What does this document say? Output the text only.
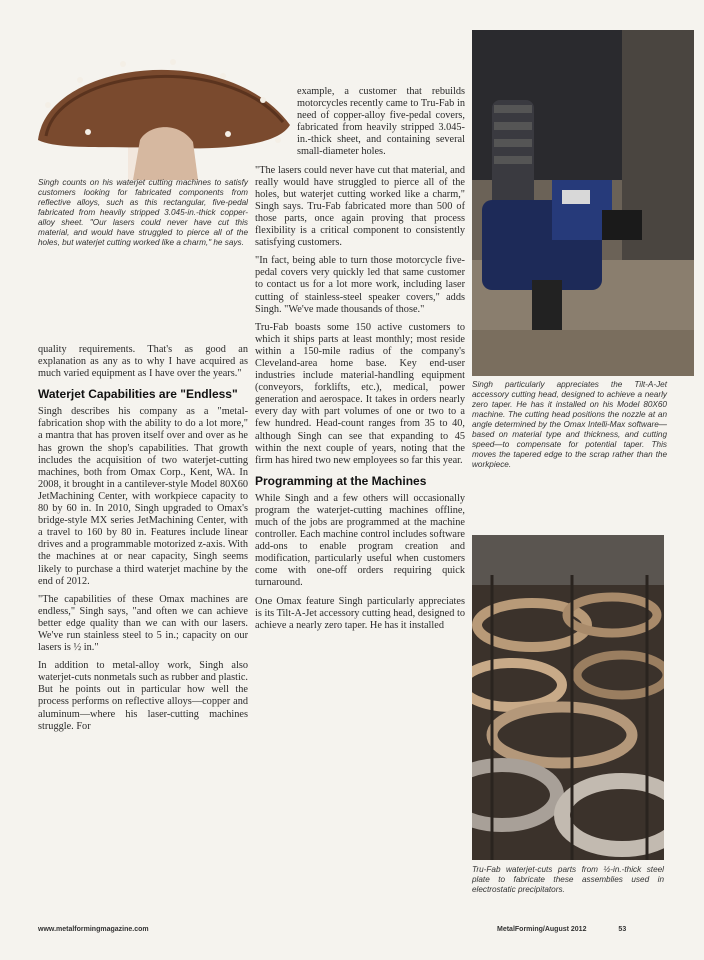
Singh counts on his waterjet cutting machines to satisfy customers looking for fabricated components from reflective alloys, such as this rectangular, five-pedal fabricated from heavily stripped 3.045-in.-thick copper-alloy sheet. "Our lasers could never have cut this material, and would have struggled to pierce all of the holes, but waterjet cutting worked like a charm," he says.

quality requirements. That's as good an explanation as any as to why I have acquired as much varied equipment as I have over the years."

Waterjet Capabilities are "Endless"

Singh describes his company as a "metal-fabrication shop with the ability to do a lot more," a mantra that has proven itself over and over as he has grown the shop's capabilities. That growth includes the acquisition of two waterjet-cutting machines, both from Omax Corp., Kent, WA. In 2008, it brought in a cantilever-style Model 80X60 JetMachining Center, with workpiece capacity to 80 by 60 in. In 2010, Singh upgraded to Omax's bridge-style MX series JetMachining Center, with a travel to 160 by 80 in. Features include linear drives and a programmable motorized z-axis. With the machines at or near capacity, Singh seems likely to purchase a third waterjet machine by the end of 2012.

"The capabilities of these Omax machines are endless," Singh says, "and often we can achieve better edge quality than we can with our lasers. We've run stainless steel to 5 in.; capacity on our lasers is ½ in."

In addition to metal-alloy work, Singh also waterjet-cuts nonmetals such as rubber and plastic. But he points out in particular how well the process performs on reflective alloys—copper and aluminum—where his laser-cutting machines struggle. For

example, a customer that rebuilds motorcycles recently came to Tru-Fab in need of copper-alloy five-pedal covers, fabricated from heavily stripped 3.045-in.-thick sheet, and containing several small-diameter holes.

"The lasers could never have cut that material, and really would have struggled to pierce all of the holes, but waterjet cutting worked like a charm," Singh says. Tru-Fab fabricated more than 500 of those parts, once again proving that process flexibility is a critical component to consistently satisfying customers.

"In fact, being able to turn those motorcycle five-pedal covers very quickly led that same customer to contact us for a lot more work, including laser cutting of stainless-steel speaker covers," adds Singh. "We've made thousands of those."

Tru-Fab boasts some 150 active customers to which it ships parts at least monthly; most reside within a 150-mile radius of the company's Cleveland-area home base. Key end-user industries include material-handling equipment (conveyors, forklifts, etc.), medical, power generation and aerospace. It takes in orders nearly every day with part volumes of one or two to a few hundred. Head-count ranges from 35 to 40, although Singh can see that expanding to 45 within the next couple of years, noting that the firm has hired two new employees so far this year.

Programming at the Machines

While Singh and a few others will occasionally program the waterjet-cutting machines offline, much of the jobs are programmed at the machine controller. Each machine control includes software add-ons to enable program creation and modification, particularly useful when customers come with one-off orders requiring quick turnaround.

One Omax feature Singh particularly appreciates is its Tilt-A-Jet accessory cutting head, designed to achieve a nearly zero taper. He has it installed

Singh particularly appreciates the Tilt-A-Jet accessory cutting head, designed to achieve a nearly zero taper. He has it installed on his Model 80X60 machine. The cutting head positions the nozzle at an angle determined by the Omax Intelli-Max software—based on material type and thickness, and cutting speed—to compensate for potential taper. This moves the tapered edge to the scrap rather than the workpiece.

Tru-Fab waterjet-cuts parts from ½-in.-thick steel plate to fabricate these assemblies used in electrostatic precipitators.

www.metalformingmagazine.com	MetalForming/August 2012	53
